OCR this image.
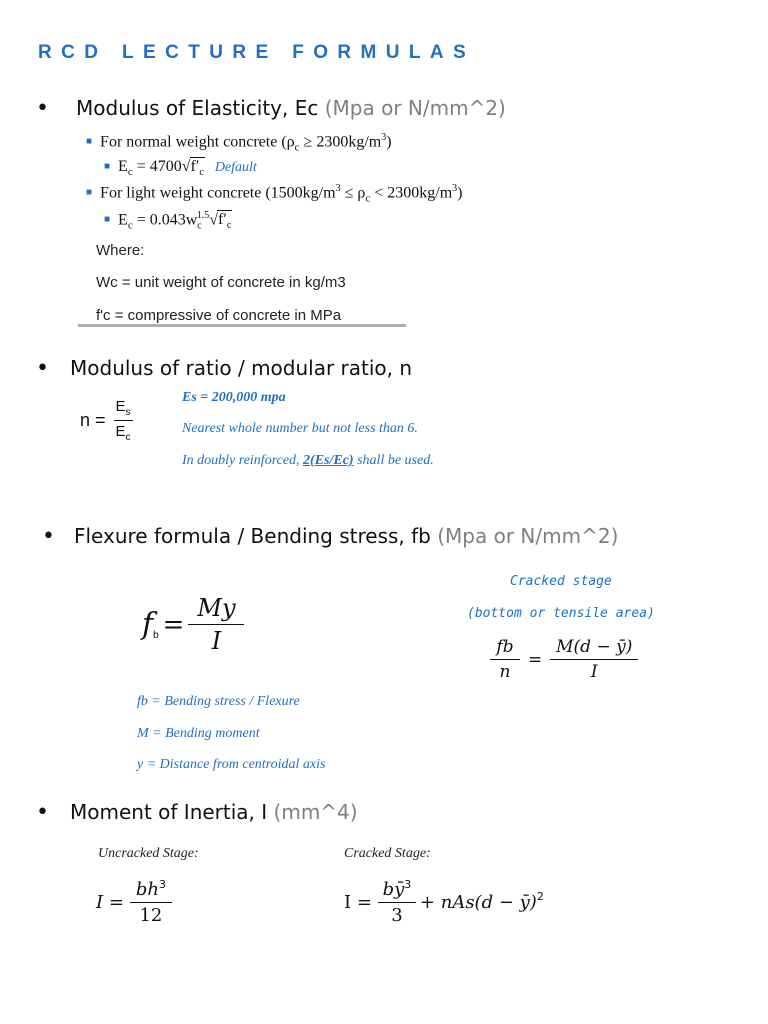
RCD LECTURE FORMULAS
• Modulus of Elasticity, Ec (Mpa or N/mm^2)
■ For normal weight concrete $(\rho_c \ge 2300kg/m^3)$
■ $E_c = 4700√f'_c$ Default
■ For light weight concrete $(1500kg/m^3 \le \rho_c < 2300kg/m^3)$
■ $E_c = 0.043w_c^{1.5}√f'_c$
Where:
Wc = unit weight of concrete in kg/m3
f'c = compressive of concrete in MPa
• Modulus of ratio / modular ratio, n
$n = \frac{E_s}{E_c}$
Es = 200,000 mpa
Nearest whole number but not less than 6.
In doubly reinforced, 2(Es/Ec) shall be used.
• Flexure formula / Bending stress, fb (Mpa or N/mm^2)
$f_b = \frac{My}{I}$
Cracked stage
(bottom or tensile area)
$\frac{fb}{n} = \frac{M(d - ȳ)}{I}$
fb = Bending stress / Flexure
M = Bending moment
y = Distance from centroidal axis
• Moment of Inertia, I (mm^4)
Uncracked Stage:	Cracked Stage:
$I = \frac{bh^3}{12}$	$I = \frac{bȳ^3}{3} + nAs(d$ − ȳ)$^2$
